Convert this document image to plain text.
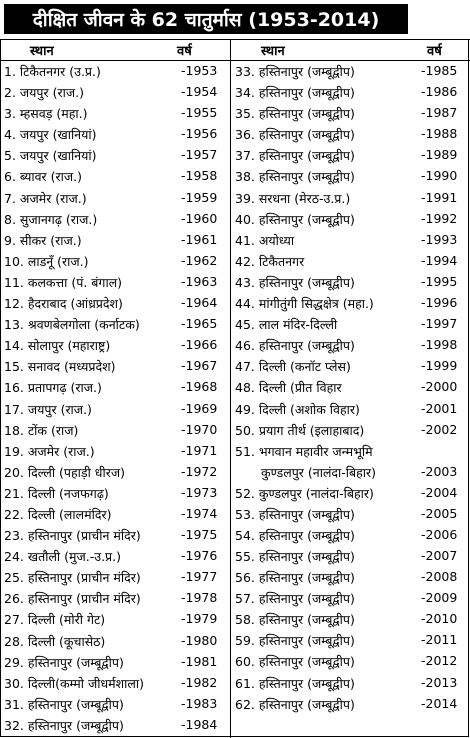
दीक्षित जीवन के 62 चातुर्मास (1953-2014)
स्थान	वर्ष
1. टिकैतनगर (उ.प्र.)	-1953
2. जयपुर (राज.)	-1954
3. म्हसवड़ (महा.)	-1955
4. जयपुर (खानियां)	-1956
5. जयपुर (खानियां)	-1957
6. ब्यावर (राज.)	-1958
7. अजमेर (राज.)	-1959
8. सुजानगढ़ (राज.)	-1960
9. सीकर (राज.)	-1961
10. लाडनूँ (राज.)	-1962
11. कलकत्ता (पं. बंगाल)	-1963
12. हैदराबाद (आंध्रप्रदेश)	-1964
13. श्रवणबेलगोला (कर्नाटक)	-1965
14. सोलापुर (महाराष्ट्र)	-1966
15. सनावद (मध्यप्रदेश)	-1967
16. प्रतापगढ़ (राज.)	-1968
17. जयपुर (राज.)	-1969
18. टोंक (राज)	-1970
19. अजमेर (राज.)	-1971
20. दिल्ली (पहाड़ी धीरज)	-1972
21. दिल्ली (नजफगढ़)	-1973
22. दिल्ली (लालमंदिर)	-1974
23. हस्तिनापुर (प्राचीन मंदिर)	-1975
24. खतौली (मुज.-उ.प्र.)	-1976
25. हस्तिनापुर (प्राचीन मंदिर)	-1977
26. हस्तिनापुर (प्राचीन मंदिर)	-1978
27. दिल्ली (मोरी गेट)	-1979
28. दिल्ली (कूचासेठ)	-1980
29. हस्तिनापुर (जम्बूद्वीप)	-1981
30. दिल्ली(कम्मो जीधर्मशाला)	-1982
31. हस्तिनापुर (जम्बूद्वीप)	-1983
32. हस्तिनापुर (जम्बूद्वीप)	-1984
स्थान	वर्ष
33. हस्तिनापुर (जम्बूद्वीप)	-1985
34. हस्तिनापुर (जम्बूद्वीप)	-1986
35. हस्तिनापुर (जम्बूद्वीप)	-1987
36. हस्तिनापुर (जम्बूद्वीप)	-1988
37. हस्तिनापुर (जम्बूद्वीप)	-1989
38. हस्तिनापुर (जम्बूद्वीप)	-1990
39. सरधना (मेरठ-उ.प्र.)	-1991
40. हस्तिनापुर (जम्बूद्वीप)	-1992
41. अयोध्या	-1993
42. टिकैतनगर	-1994
43. हस्तिनापुर (जम्बूद्वीप)	-1995
44. मांगीतुंगी सिद्धक्षेत्र (महा.)	-1996
45. लाल मंदिर-दिल्ली	-1997
46. हस्तिनापुर (जम्बूद्वीप)	-1998
47. दिल्ली (कनॉट प्लेस)	-1999
48. दिल्ली (प्रीत विहार	-2000
49. दिल्ली (अशोक विहार)	-2001
50. प्रयाग तीर्थ (इलाहाबाद)	-2002
51. भगवान महावीर जन्मभूमि
कुण्डलपुर (नालंदा-बिहार)	-2003
52. कुण्डलपुर (नालंदा-बिहार)	-2004
53. हस्तिनापुर (जम्बूद्वीप)	-2005
54. हस्तिनापुर (जम्बूद्वीप)	-2006
55. हस्तिनापुर (जम्बूद्वीप)	-2007
56. हस्तिनापुर (जम्बूद्वीप)	-2008
57. हस्तिनापुर (जम्बूद्वीप)	-2009
58. हस्तिनापुर (जम्बूद्वीप)	-2010
59. हस्तिनापुर (जम्बूद्वीप)	-2011
60. हस्तिनापुर (जम्बूद्वीप)	-2012
61. हस्तिनापुर (जम्बूद्वीप)	-2013
62. हस्तिनापुर (जम्बूद्वीप)	-2014
